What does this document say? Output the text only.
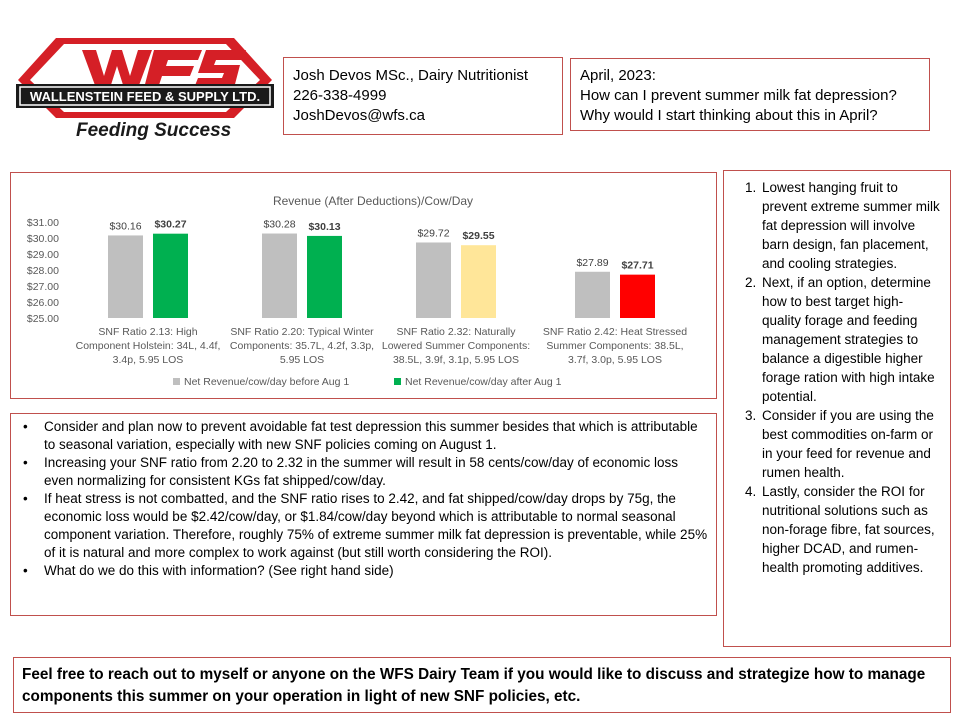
WALLENSTEIN FEED & SUPPLY LTD.
Feeding Success
Josh Devos MSc., Dairy Nutritionist
226-338-4999
JoshDevos@wfs.ca
April, 2023:
How can I prevent summer milk fat depression?
Why would I start thinking about this in April?
Revenue (After Deductions)/Cow/Day
$25.00
$26.00
$27.00
$28.00
$29.00
$30.00
$31.00	$30.16	$30.28
$29.72
$27.89
$30.27	$30.13
$29.55
$27.71
SNF Ratio 2.13: High
Component Holstein: 34L, 4.4f,
3.4p, 5.95 LOS
SNF Ratio 2.20: Typical Winter
Components: 35.7L, 4.2f, 3.3p,
5.95 LOS
SNF Ratio 2.32: Naturally
Lowered Summer Components:
38.5L, 3.9f, 3.1p, 5.95 LOS
SNF Ratio 2.42: Heat Stressed
Summer Components: 38.5L,
3.7f, 3.0p, 5.95 LOS
Net Revenue/cow/day before Aug 1	Net Revenue/cow/day after Aug 1
• Consider and plan now to prevent avoidable fat test depression this summer besides that which is attributable to seasonal variation, especially with new SNF policies coming on August 1.
• Increasing your SNF ratio from 2.20 to 2.32 in the summer will result in 58 cents/cow/day of economic loss even normalizing for consistent KGs fat shipped/cow/day.
• If heat stress is not combatted, and the SNF ratio rises to 2.42, and fat shipped/cow/day drops by 75g, the economic loss would be $2.42/cow/day, or $1.84/cow/day beyond which is attributable to normal seasonal component variation. Therefore, roughly 75% of extreme summer milk fat depression is preventable, while 25% of it is natural and more complex to work against (but still worth considering the ROI).
• What do we do this with information? (See right hand side)
1. Lowest hanging fruit to prevent extreme summer milk fat depression will involve barn design, fan placement, and cooling strategies.
2. Next, if an option, determine how to best target high-quality forage and feeding management strategies to balance a digestible higher forage ration with high intake potential.
3. Consider if you are using the best commodities on-farm or in your feed for revenue and rumen health.
4. Lastly, consider the ROI for nutritional solutions such as non-forage fibre, fat sources, higher DCAD, and rumen-health promoting additives.
Feel free to reach out to myself or anyone on the WFS Dairy Team if you would like to discuss and strategize how to manage components this summer on your operation in light of new SNF policies, etc.
